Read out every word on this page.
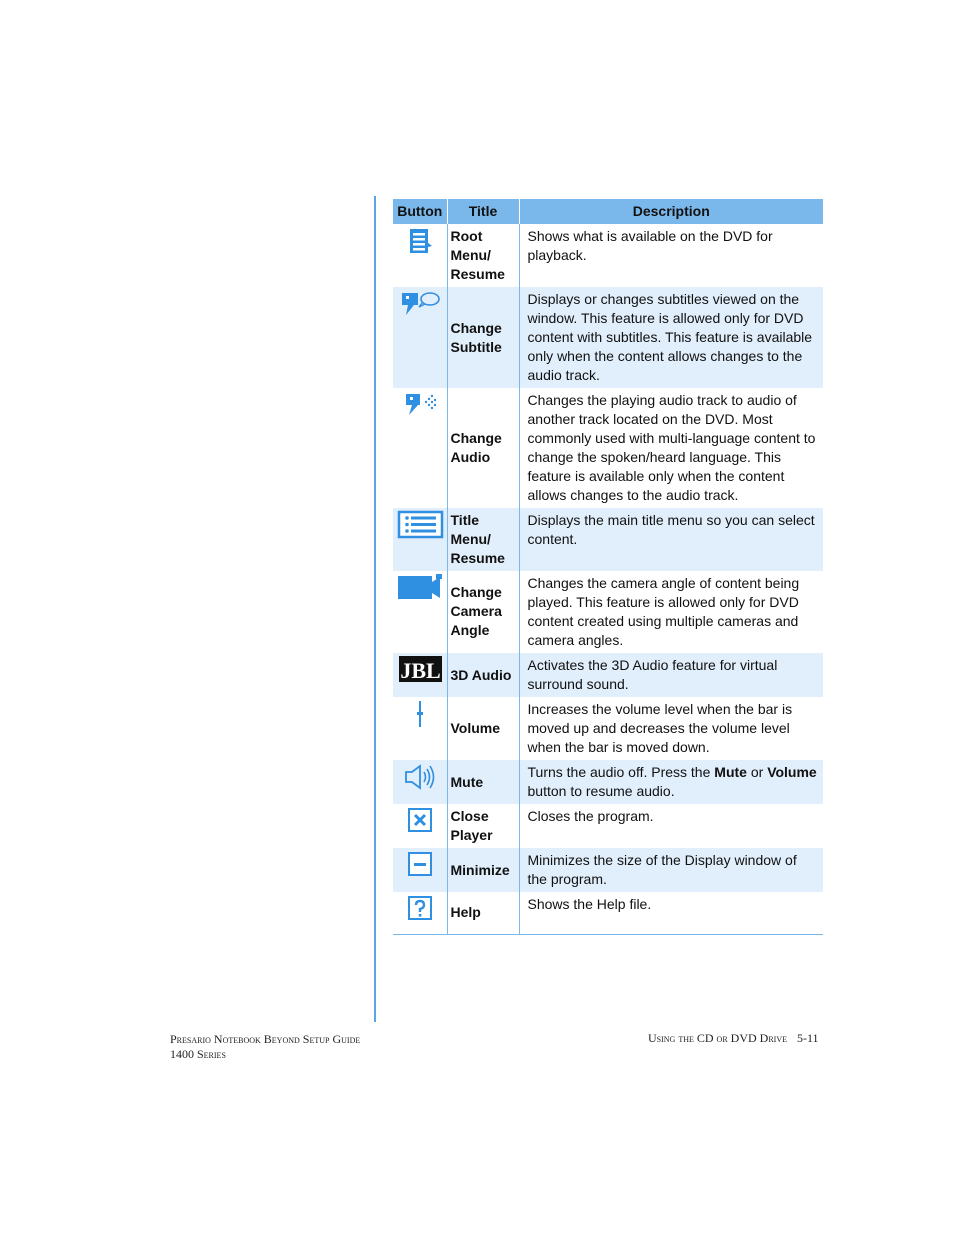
Button	Title	Description
	Root Menu/ Resume	Shows what is available on the DVD for playback.
	Change Subtitle	Displays or changes subtitles viewed on the window. This feature is allowed only for DVD content with subtitles. This feature is available only when the content allows changes to the audio track.
	Change Audio	Changes the playing audio track to audio of another track located on the DVD. Most commonly used with multi-language content to change the spoken/heard language. This feature is available only when the content allows changes to the audio track.
	Title Menu/ Resume	Displays the main title menu so you can select content.
	Change Camera Angle	Changes the camera angle of content being played. This feature is allowed only for DVD content created using multiple cameras and camera angles.

JBL	3D Audio	Activates the 3D Audio feature for virtual surround sound.
	Volume	Increases the volume level when the bar is moved up and decreases the volume level when the bar is moved down.
	Mute	Turns the audio off. Press the Mute or Volume button to resume audio.
	Close Player	Closes the program.
	Minimize	Minimizes the size of the Display window of the program.
	Help	Shows the Help file.
Presario Notebook Beyond Setup Guide
1400 Series
Using the CD or DVD Drive 5-11
